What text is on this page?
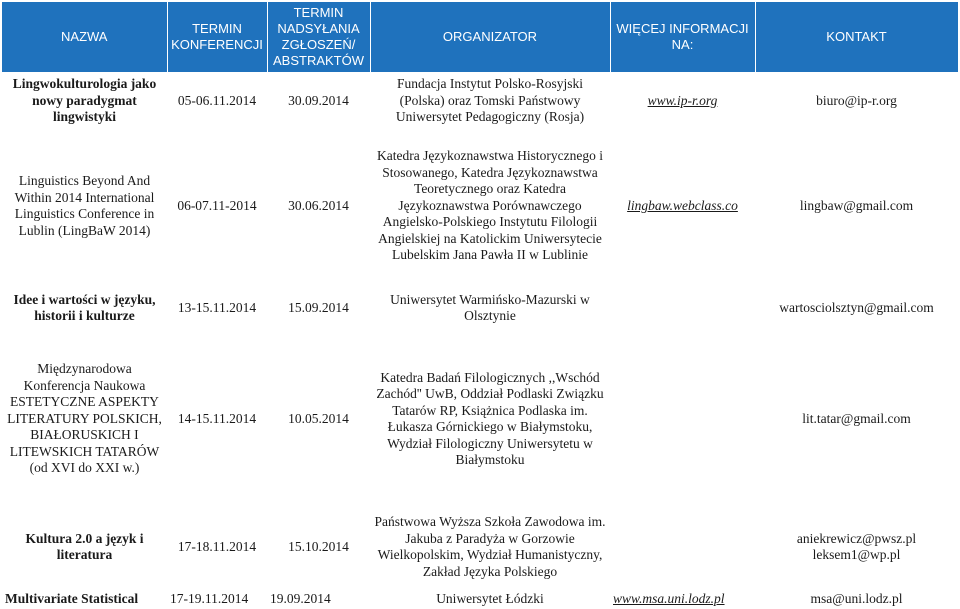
NAZWA	TERMIN KONFERENCJI	TERMIN NADSYŁANIA ZGŁOSZEŃ/ ABSTRAKTÓW	ORGANIZATOR	WIĘCEJ INFORMACJI NA:	KONTAKT
Lingwokulturologia jako nowy paradygmat lingwistyki	05-06.11.2014	30.09.2014	Fundacja Instytut Polsko-Rosyjski (Polska) oraz Tomski Państwowy Uniwersytet Pedagogiczny (Rosja)	www.ip-r.org	biuro@ip-r.org
Linguistics Beyond And Within 2014 International Linguistics Conference in Lublin (LingBaW 2014)	06-07.11-2014	30.06.2014	Katedra Językoznawstwa Historycznego i Stosowanego, Katedra Językoznawstwa Teoretycznego oraz Katedra Językoznawstwa Porównawczego Angielsko-Polskiego Instytutu Filologii Angielskiej na Katolickim Uniwersytecie Lubelskim Jana Pawła II w Lublinie	lingbaw.webclass.co	lingbaw@gmail.com
Idee i wartości w języku, historii i kulturze	13-15.11.2014	15.09.2014	Uniwersytet Warmińsko-Mazurski w Olsztynie		wartosciolsztyn@gmail.com
Międzynarodowa Konferencja Naukowa ESTETYCZNE ASPEKTY LITERATURY POLSKICH, BIAŁORUSKICH I LITEWSKICH TATARÓW (od XVI do XXI w.)	14-15.11.2014	10.05.2014	Katedra Badań Filologicznych ,,Wschód Zachód'' UwB, Oddział Podlaski Związku Tatarów RP, Książnica Podlaska im. Łukasza Górnickiego w Białymstoku, Wydział Filologiczny Uniwersytetu w Białymstoku		lit.tatar@gmail.com
Kultura 2.0 a język i literatura	17-18.11.2014	15.10.2014	Państwowa Wyższa Szkoła Zawodowa im. Jakuba z Paradyża w Gorzowie Wielkopolskim, Wydział Humanistyczny, Zakład Języka Polskiego		aniekrewicz@pwsz.pl leksem1@wp.pl
Multivariate Statistical	17-19.11.2014	19.09.2014	Uniwersytet Łódzki	www.msa.uni.lodz.pl	msa@uni.lodz.pl
